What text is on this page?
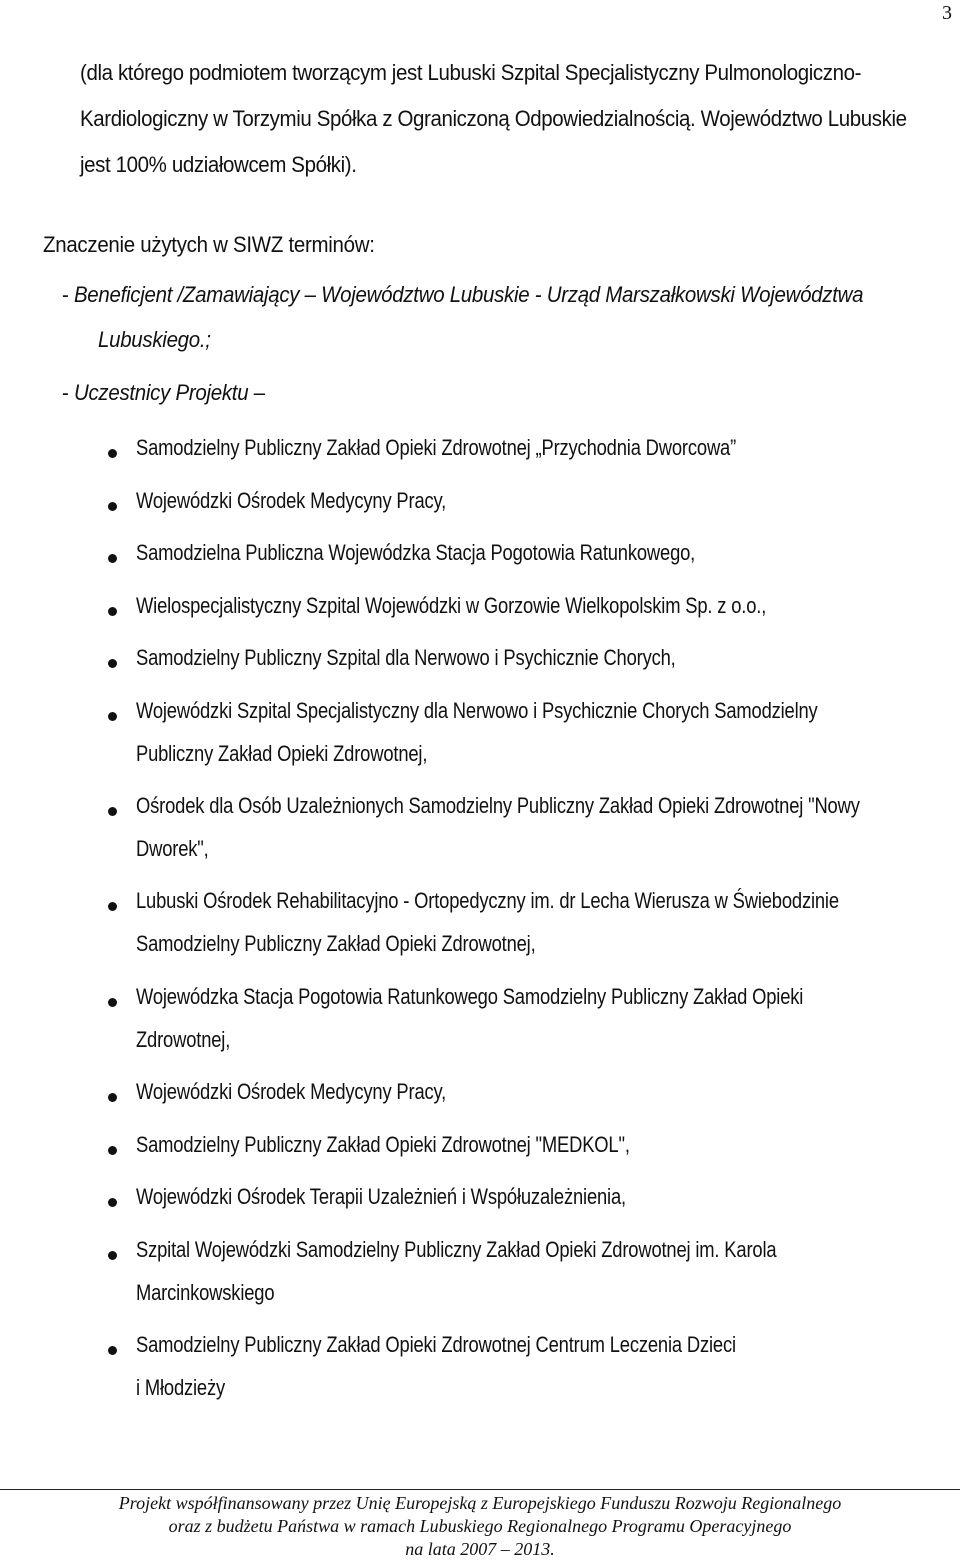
3
(dla którego podmiotem tworzącym jest Lubuski Szpital Specjalistyczny Pulmonologiczno-
Kardiologiczny w Torzymiu Spółka z Ograniczoną Odpowiedzialnością. Województwo Lubuskie
jest 100% udziałowcem Spółki).
Znaczenie użytych w SIWZ terminów:
- Beneficjent /Zamawiający – Województwo Lubuskie - Urząd Marszałkowski Województwa
Lubuskiego.;
- Uczestnicy Projektu –
Samodzielny Publiczny Zakład Opieki Zdrowotnej „Przychodnia Dworcowa”
Wojewódzki Ośrodek Medycyny Pracy,
Samodzielna Publiczna Wojewódzka Stacja Pogotowia Ratunkowego,
Wielospecjalistyczny Szpital Wojewódzki w Gorzowie Wielkopolskim Sp. z o.o.,
Samodzielny Publiczny Szpital dla Nerwowo i Psychicznie Chorych,
Wojewódzki Szpital Specjalistyczny dla Nerwowo i Psychicznie Chorych Samodzielny
Publiczny Zakład Opieki Zdrowotnej,
Ośrodek dla Osób Uzależnionych Samodzielny Publiczny Zakład Opieki Zdrowotnej "Nowy
Dworek",
Lubuski Ośrodek Rehabilitacyjno - Ortopedyczny im. dr Lecha Wierusza w Świebodzinie
Samodzielny Publiczny Zakład Opieki Zdrowotnej,
Wojewódzka Stacja Pogotowia Ratunkowego Samodzielny Publiczny Zakład Opieki
Zdrowotnej,
Wojewódzki Ośrodek Medycyny Pracy,
Samodzielny Publiczny Zakład Opieki Zdrowotnej "MEDKOL",
Wojewódzki Ośrodek Terapii Uzależnień i Współuzależnienia,
Szpital Wojewódzki Samodzielny Publiczny Zakład Opieki Zdrowotnej im. Karola
Marcinkowskiego
Samodzielny Publiczny Zakład Opieki Zdrowotnej Centrum Leczenia Dzieci
i Młodzieży
Projekt współfinansowany przez Unię Europejską z Europejskiego Funduszu Rozwoju Regionalnego
oraz z budżetu Państwa w ramach Lubuskiego Regionalnego Programu Operacyjnego
na lata 2007 – 2013.
